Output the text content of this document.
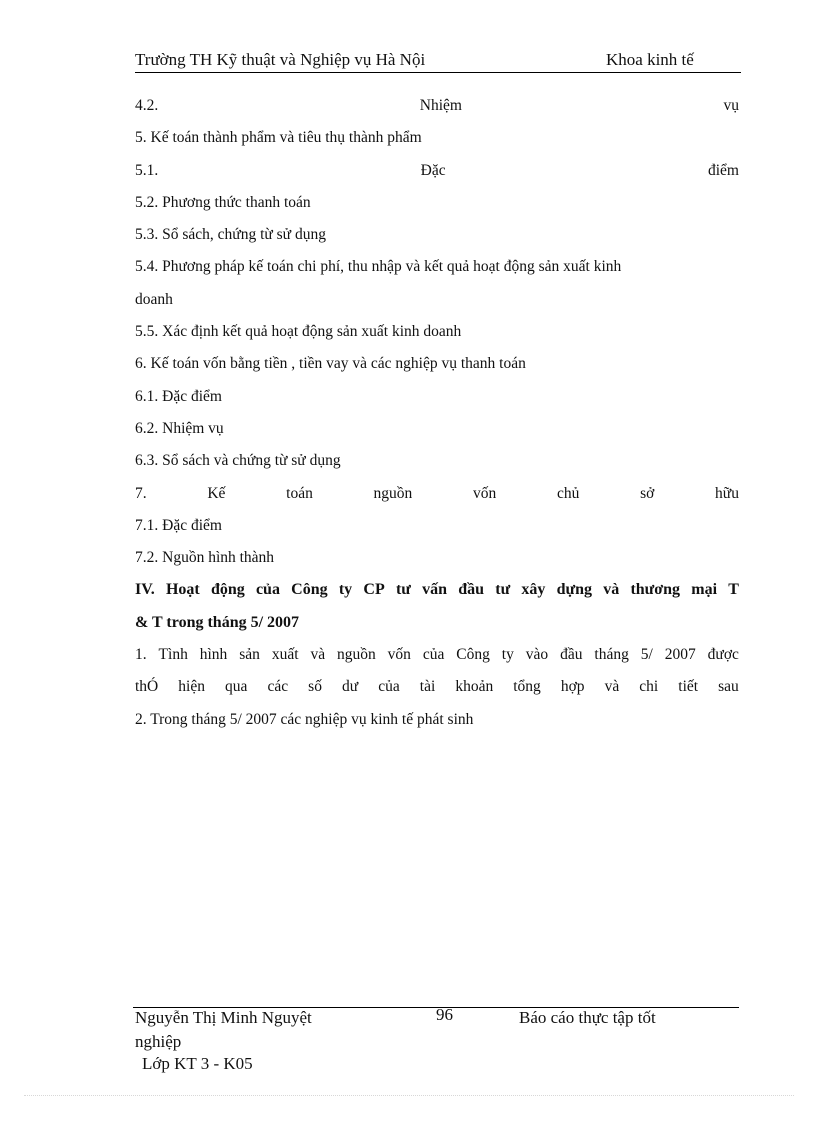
Trường TH Kỹ thuật và Nghiệp vụ Hà Nội	Khoa kinh tế
4.2.	Nhiệm	vụ
5. Kế toán thành phẩm và tiêu thụ thành phẩm
5.1.	Đặc	điểm
5.2. Phương thức thanh toán
5.3. Sổ sách, chứng từ sử dụng
5.4. Phương pháp kế toán chi phí, thu nhập và kết quả hoạt động sản xuất kinh
doanh
5.5. Xác định kết quả hoạt động sản xuất kinh doanh
6. Kế toán vốn bằng tiền , tiền vay và các nghiệp vụ thanh toán
6.1. Đặc điểm
6.2. Nhiệm vụ
6.3. Sổ sách và chứng từ sử dụng
7.	Kế	toán	nguồn	vốn	chủ	sở	hữu
7.1. Đặc điểm
7.2. Nguồn hình thành
IV. Hoạt động của Công ty CP tư vấn đầu tư xây dựng và thương mại T
& T trong tháng 5/ 2007
1. Tình hình sản xuất và nguồn vốn của Công ty vào đầu tháng 5/ 2007 được
thÓ hiện qua các số dư của tài khoản tổng hợp và chi tiết sau
2. Trong tháng 5/ 2007 các nghiệp vụ kinh tế phát sinh
Nguyễn Thị Minh Nguyệt	96	Báo cáo thực tập tốt
nghiệp
Lớp KT 3 - K05
